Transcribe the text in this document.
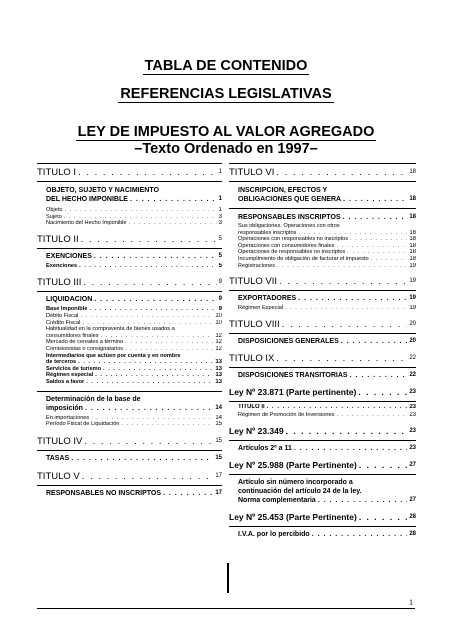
TABLA DE CONTENIDO
REFERENCIAS LEGISLATIVAS
LEY DE IMPUESTO AL VALOR AGREGADO
–Texto Ordenado en 1997–
TITULO I . . .	1
OBJETO, SUJETO Y NACIMIENTO
DEL HECHO IMPONIBLE . . .	1
Objeto . . .	1
Sujeto . . .	3
Nacimiento del Hecho Imponible . . .	3
TITULO II . . .	5
EXENCIONES . . .	5
Exenciones . . .	5
TITULO III . . .	9
LIQUIDACION . . .	9
Base Imponible . . .	9
Débito Fiscal . . .	10
Crédito Fiscal . . .	10
Habitualidad en la compraventa de bienes usados a
consumidores finales . . .	12
Mercado de cereales a término . . .	12
Comisionistas o consignatarios . . .	12
Intermediarios que actúen por cuenta y en nombre
de terceros . . .	13
Servicios de turismo . . .	13
Régimen especial . . .	13
Saldos a favor . . .	13
Determinación de la base de
imposición . . .	14
En importaciones . . .	14
Período Fiscal de Liquidación . . .	15
TITULO IV . . .	15
TASAS . . .	15
TITULO V . . .	17
RESPONSABLES NO INSCRIPTOS . . .	17
TITULO VI . . .	18
INSCRIPCION, EFECTOS Y
OBLIGACIONES QUE GENERA . . .	18
RESPONSABLES INSCRIPTOS . . .	18
Sus obligaciones. Operaciones con otros
responsables inscriptos . . .	18
Operaciones con responsables no inscriptos . . .	18
Operaciones con consumidores finales . . .	18
Operaciones de responsables no inscriptos . . .	18
Incumplimiento de obligación de facturar el impuesto . . .	18
Registraciones . . .	19
TITULO VII . . .	19
EXPORTADORES . . .	19
Régimen Especial . . .	19
TITULO VIII . . .	20
DISPOSICIONES GENERALES . . .	20
TITULO IX . . .	22
DISPOSICIONES TRANSITORIAS . . .	22
Ley Nº 23.871 (Parte pertinente) . . .	23
TITULO II . . .	23
Régimen de Promoción de Inversiones . . .	23
Ley Nº 23.349 . . .	23
Artículos 2º a 11 . . .	23
Ley Nº 25.988 (Parte Pertinente) . . .	27
Artículo sin número incorporado a
continuación del artículo 24 de la ley.
Norma complementaria . . .	27
Ley Nº 25.453 (Parte Pertinente) . . .	28
I.V.A. por lo percibido . . .	28
1
